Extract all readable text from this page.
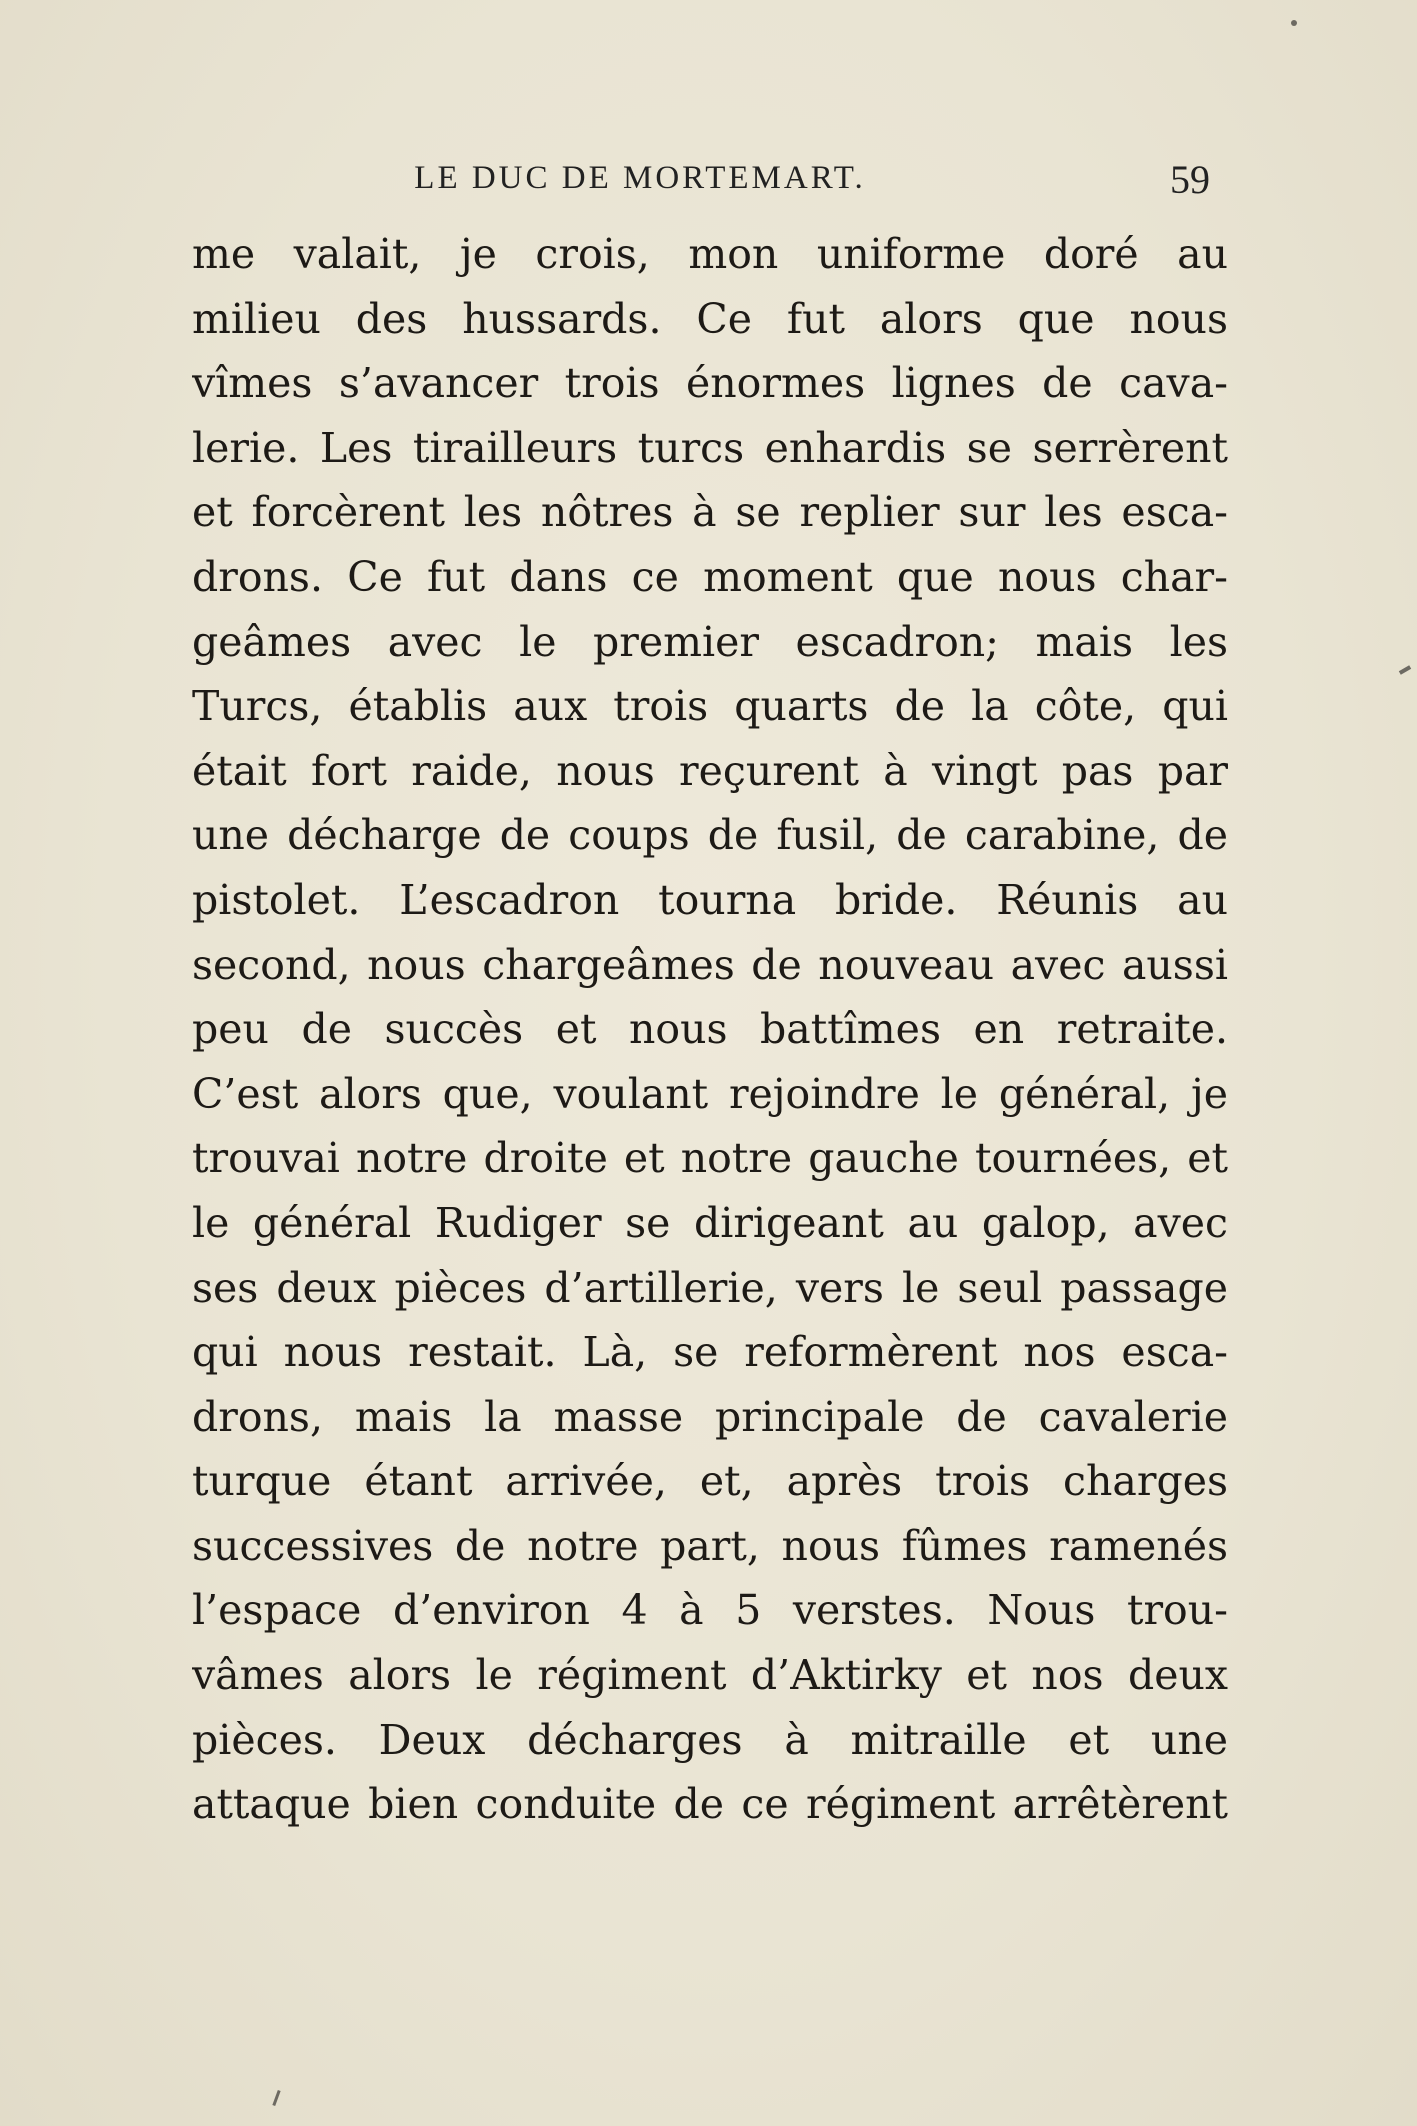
LE DUC DE MORTEMART.	59
me valait, je crois, mon uniforme doré au
milieu des hussards. Ce fut alors que nous
vîmes s’avancer trois énormes lignes de cava-
lerie. Les tirailleurs turcs enhardis se serrèrent
et forcèrent les nôtres à se replier sur les esca-
drons. Ce fut dans ce moment que nous char-
geâmes avec le premier escadron; mais les
Turcs, établis aux trois quarts de la côte, qui
était fort raide, nous reçurent à vingt pas par
une décharge de coups de fusil, de carabine, de
pistolet. L’escadron tourna bride. Réunis au
second, nous chargeâmes de nouveau avec aussi
peu de succès et nous battîmes en retraite.
C’est alors que, voulant rejoindre le général, je
trouvai notre droite et notre gauche tournées, et
le général Rudiger se dirigeant au galop, avec
ses deux pièces d’artillerie, vers le seul passage
qui nous restait. Là, se reformèrent nos esca-
drons, mais la masse principale de cavalerie
turque étant arrivée, et, après trois charges
successives de notre part, nous fûmes ramenés
l’espace d’environ 4 à 5 verstes. Nous trou-
vâmes alors le régiment d’Aktirky et nos deux
pièces. Deux décharges à mitraille et une
attaque bien conduite de ce régiment arrêtèrent
